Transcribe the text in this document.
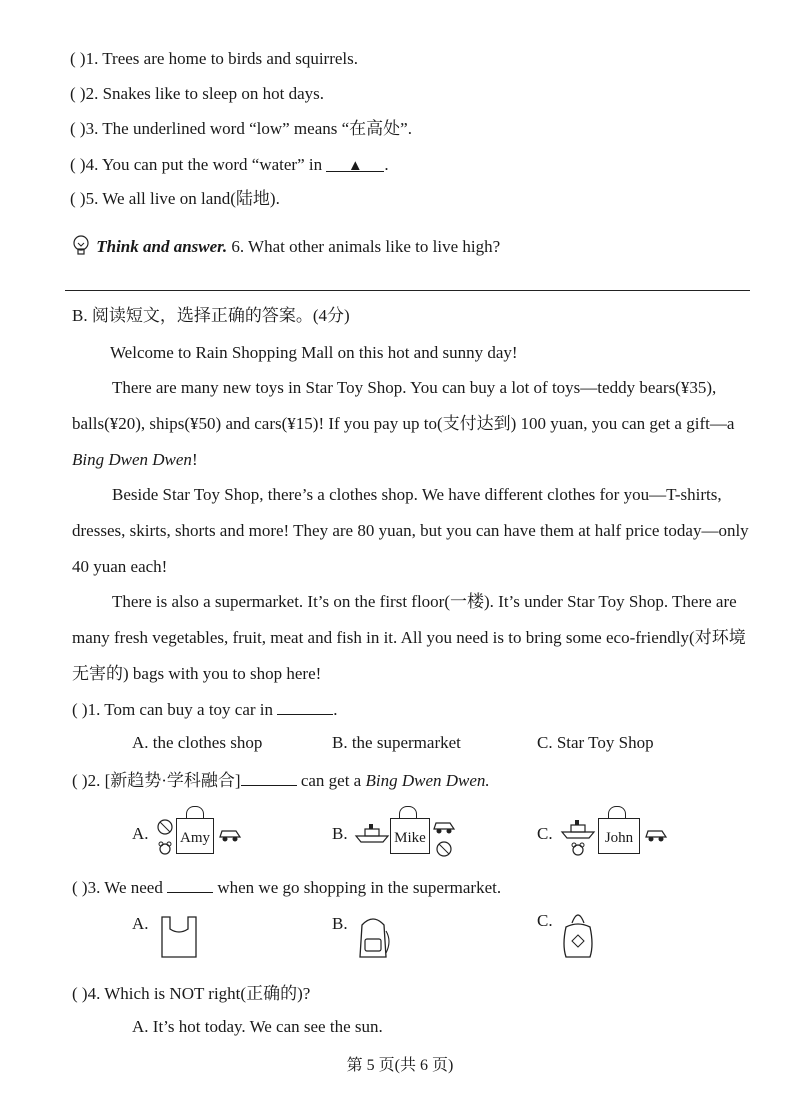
( )1. Trees are home to birds and squirrels.
( )2. Snakes like to sleep on hot days.
( )3. The underlined word “low” means “在高处”.
( )4. You can put the word “water” in ▲ .
( )5. We all live on land(陆地).
Think and answer. 6. What other animals like to live high?
B. 阅读短文，选择正确的答案。(4分)
Welcome to Rain Shopping Mall on this hot and sunny day!
There are many new toys in Star Toy Shop. You can buy a lot of toys—teddy bears(¥35), balls(¥20), ships(¥50) and cars(¥15)! If you pay up to(支付达到) 100 yuan, you can get a gift—a Bing Dwen Dwen!
Beside Star Toy Shop, there’s a clothes shop. We have different clothes for you—T-shirts, dresses, skirts, shorts and more! They are 80 yuan, but you can have them at half price today—only 40 yuan each!
There is also a supermarket. It’s on the first floor(一楼). It’s under Star Toy Shop. There are many fresh vegetables, fruit, meat and fish in it. All you need is to bring some eco-friendly(对环境无害的) bags with you to shop here!
( )1. Tom can buy a toy car in	.
A. the clothes shop	B. the supermarket	C. Star Toy Shop
( )2. [新趋势·学科融合]	can get a Bing Dwen Dwen.
A. Amy	B.	Mike	C.	John
( )3. We need	when we go shopping in the supermarket.
A.	B.	C.
( )4. Which is NOT right(正确的)?
A. It’s hot today. We can see the sun.
第 5 页(共 6 页)
